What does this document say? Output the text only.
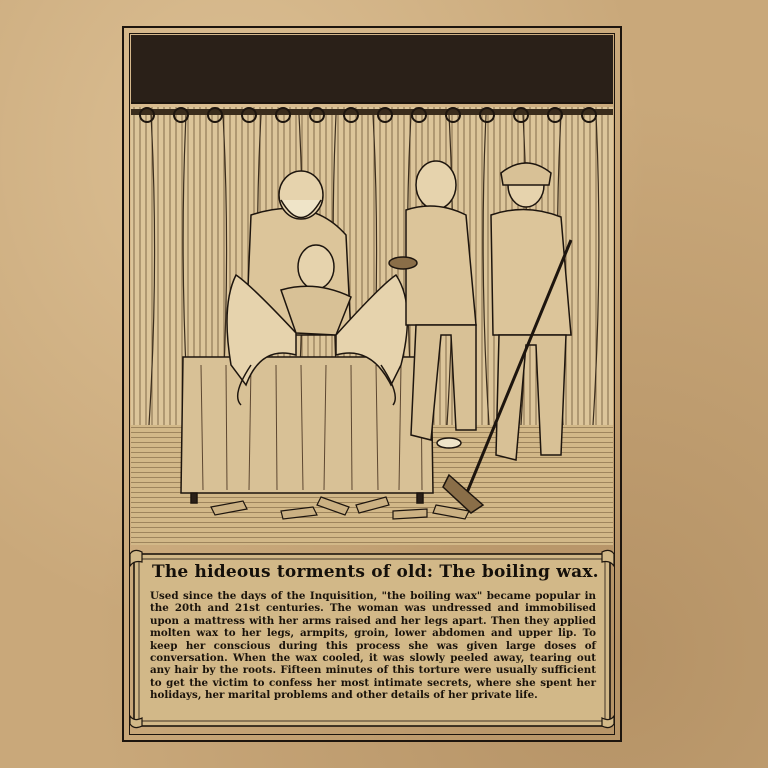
The hideous torments of old: The boiling wax.
Used since the days of the Inquisition, "the boiling wax" became popular in the 20th and 21st centuries. The woman was undressed and immobilised upon a mattress with her arms raised and her legs apart. Then they applied molten wax to her legs, armpits, groin, lower abdomen and upper lip. To keep her conscious during this process she was given large doses of conversation. When the wax cooled, it was slowly peeled away, tearing out any hair by the roots. Fifteen minutes of this torture were usually sufficient to get the victim to confess her most intimate secrets, where she spent her holidays, her marital problems and other details of her private life.
